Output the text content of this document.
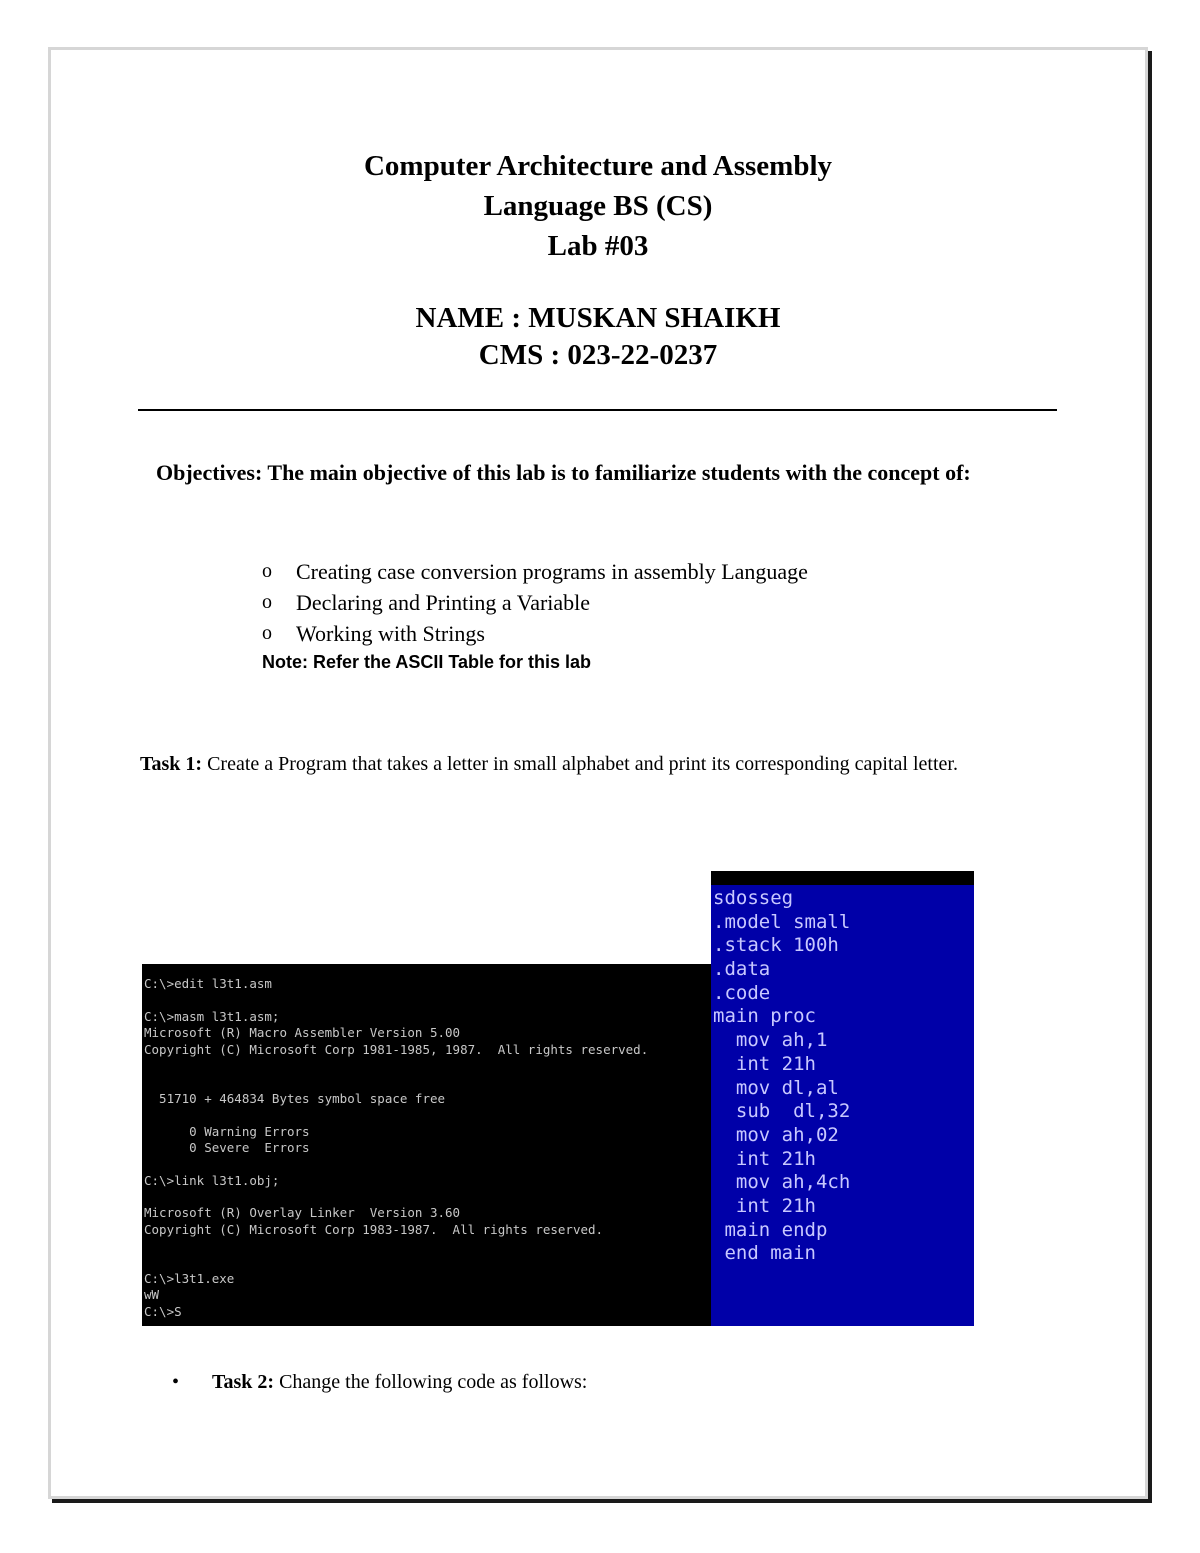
Computer Architecture and Assembly
Language BS (CS)
Lab #03
NAME : MUSKAN SHAIKH
CMS : 023-22-0237
Objectives: The main objective of this lab is to familiarize students with the concept of:
o Creating case conversion programs in assembly Language
o Declaring and Printing a Variable
o Working with Strings
Note: Refer the ASCII Table for this lab
Task 1: Create a Program that takes a letter in small alphabet and print its corresponding capital letter.
C:\>edit l3t1.asm
C:\>masm l3t1.asm;
Microsoft (R) Macro Assembler Version 5.00
Copyright (C) Microsoft Corp 1981-1985, 1987.  All rights reserved.
51710 + 464834 Bytes symbol space free
0 Warning Errors
0 Severe  Errors
C:\>link l3t1.obj;
Microsoft (R) Overlay Linker  Version 3.60
Copyright (C) Microsoft Corp 1983-1987.  All rights reserved.
C:\>l3t1.exe
wW
C:\>S
sdosseg
.model small
.stack 100h
.data
.code
main proc
mov ah,1
int 21h
mov dl,al
sub  dl,32
mov ah,02
int 21h
mov ah,4ch
int 21h
main endp
end main
• Task 2: Change the following code as follows:
